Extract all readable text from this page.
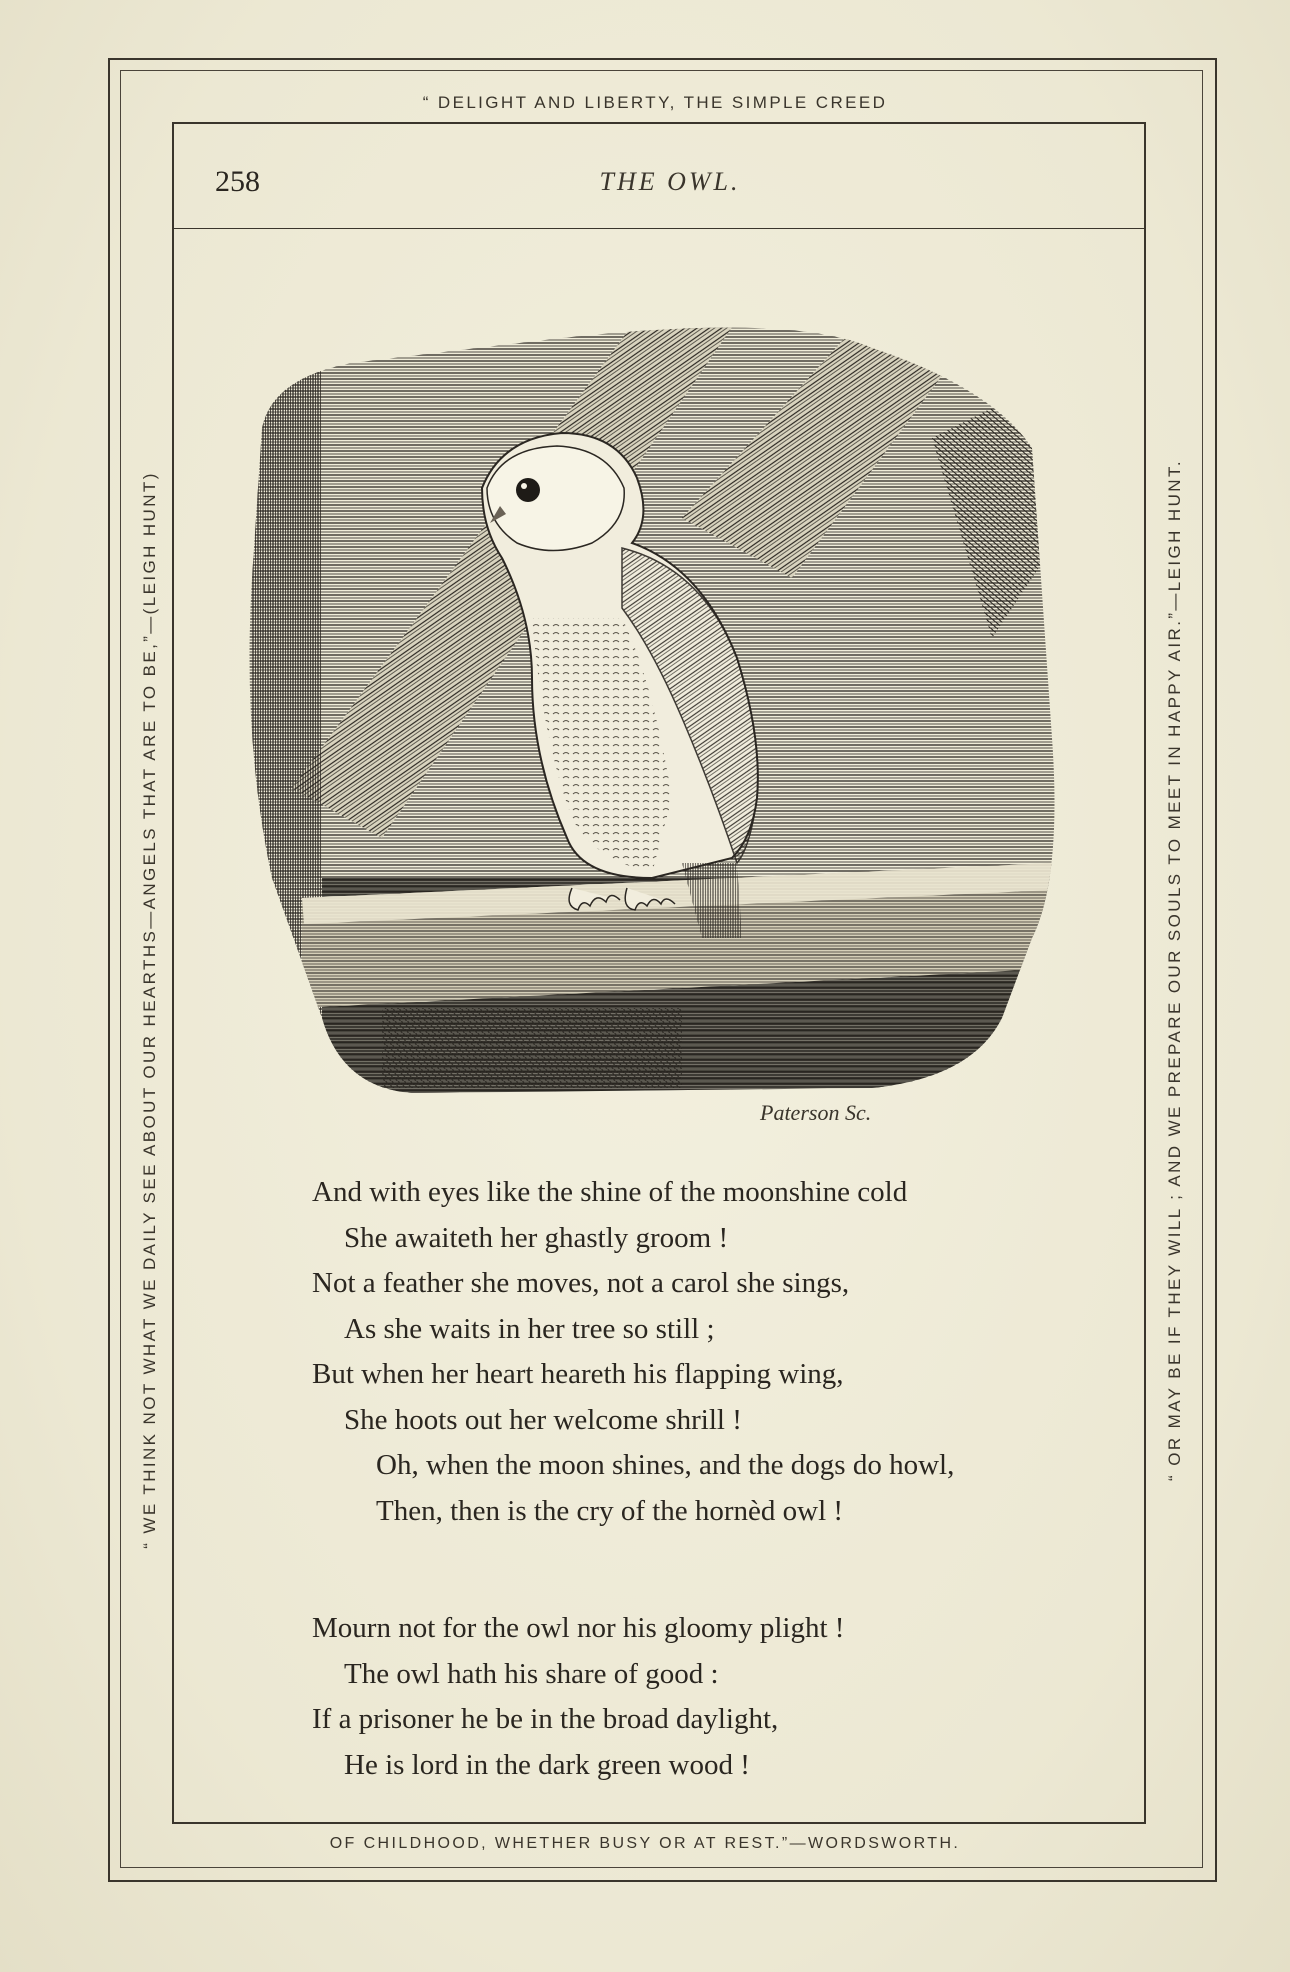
“ DELIGHT AND LIBERTY, THE SIMPLE CREED
OF CHILDHOOD, WHETHER BUSY OR AT REST.”—WORDSWORTH.
“ WE THINK NOT WHAT WE DAILY SEE ABOUT OUR HEARTHS—ANGELS THAT ARE TO BE,”—(LEIGH HUNT)	“ OR MAY BE IF THEY WILL ; AND WE PREPARE OUR SOULS TO MEET IN HAPPY AIR.”—LEIGH HUNT.
258	THE OWL.
Paterson Sc.
And with eyes like the shine of the moonshine cold
She awaiteth her ghastly groom !
Not a feather she moves, not a carol she sings,
As she waits in her tree so still ;
But when her heart heareth his flapping wing,
She hoots out her welcome shrill !
Oh, when the moon shines, and the dogs do howl,
Then, then is the cry of the hornèd owl !
Mourn not for the owl nor his gloomy plight !
The owl hath his share of good :
If a prisoner he be in the broad daylight,
He is lord in the dark green wood !
